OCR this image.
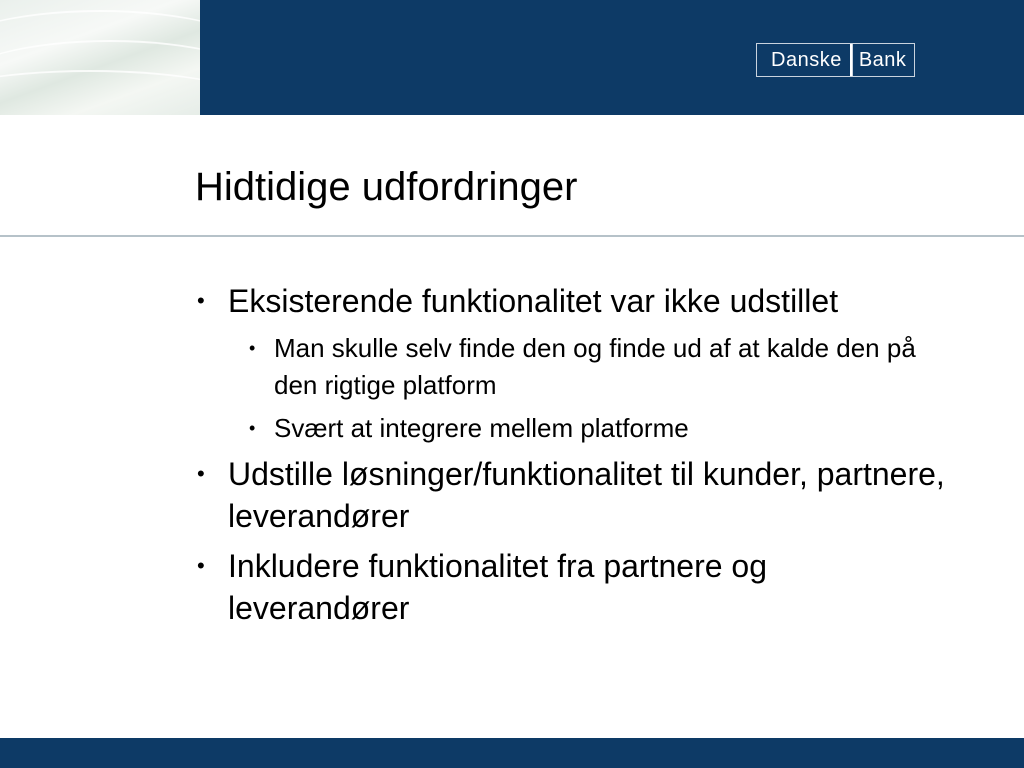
Danske Bank
Hidtidige udfordringer
• Eksisterende funktionalitet var ikke udstillet
• Man skulle selv finde den og finde ud af at kalde den på den rigtige platform
• Svært at integrere mellem platforme
• Udstille løsninger/funktionalitet til kunder, partnere, leverandører
• Inkludere funktionalitet fra partnere og leverandører
